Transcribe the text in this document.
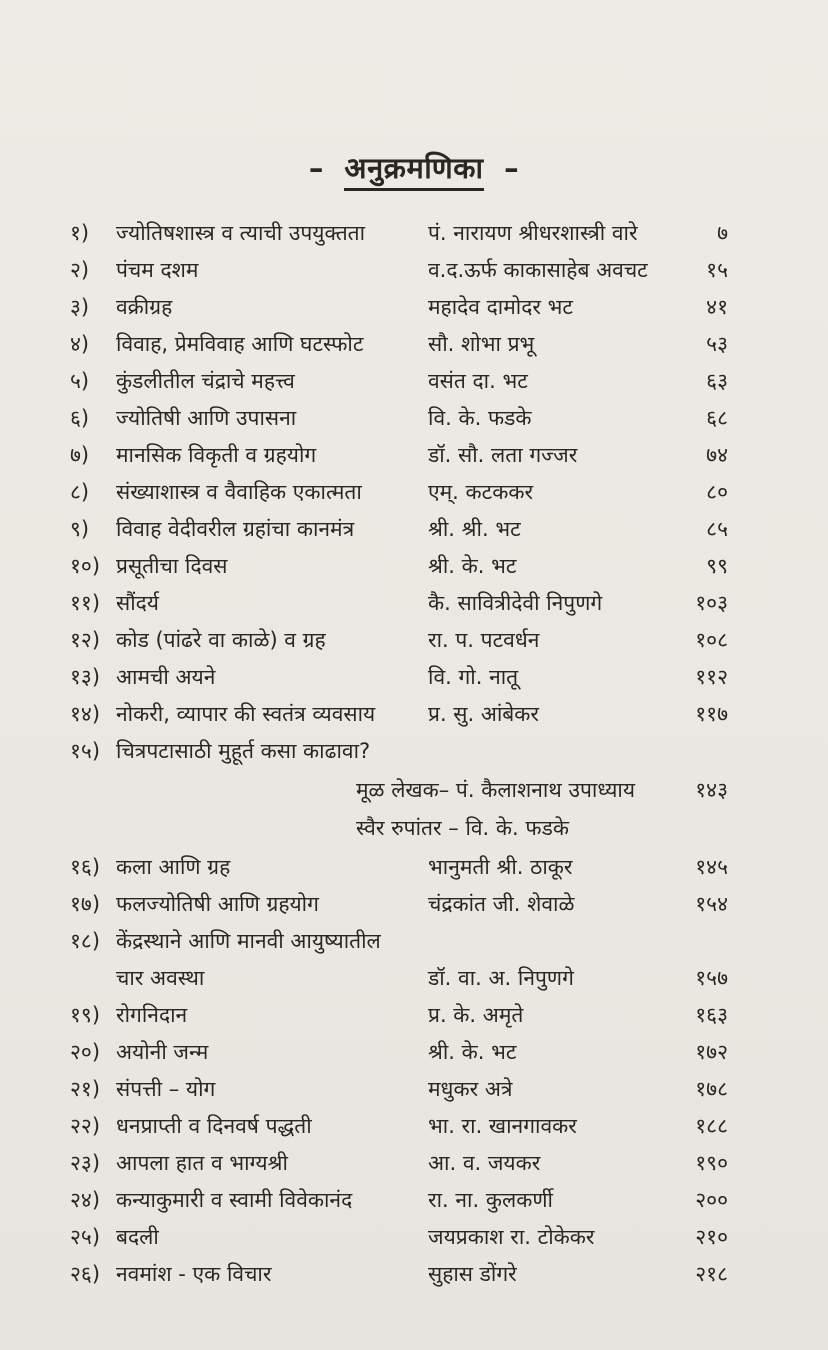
– अनुक्रमणिका –
१)	ज्योतिषशास्त्र व त्याची उपयुक्तता	पं. नारायण श्रीधरशास्त्री वारे	७
२)	पंचम दशम	व.द.ऊर्फ काकासाहेब अवचट	१५
३)	वक्रीग्रह	महादेव दामोदर भट	४१
४)	विवाह, प्रेमविवाह आणि घटस्फोट	सौ. शोभा प्रभू	५३
५)	कुंडलीतील चंद्राचे महत्त्व	वसंत दा. भट	६३
६)	ज्योतिषी आणि उपासना	वि. के. फडके	६८
७)	मानसिक विकृती व ग्रहयोग	डॉ. सौ. लता गज्जर	७४
८)	संख्याशास्त्र व वैवाहिक एकात्मता	एम्. कटककर	८०
९)	विवाह वेदीवरील ग्रहांचा कानमंत्र	श्री. श्री. भट	८५
१०) प्रसूतीचा दिवस	श्री. के. भट	९९
११) सौंदर्य	कै. सावित्रीदेवी निपुणगे	१०३
१२) कोड (पांढरे वा काळे) व ग्रह	रा. प. पटवर्धन	१०८
१३) आमची अयने	वि. गो. नातू	११२
१४) नोकरी, व्यापार की स्वतंत्र व्यवसाय	प्र. सु. आंबेकर	११७
१५) चित्रपटासाठी मुहूर्त कसा काढावा?
मूळ लेखक– पं. कैलाशनाथ उपाध्याय	१४३
स्वैर रुपांतर – वि. के. फडके
१६) कला आणि ग्रह	भानुमती श्री. ठाकूर	१४५
१७) फलज्योतिषी आणि ग्रहयोग	चंद्रकांत जी. शेवाळे	१५४
१८) केंद्रस्थाने आणि मानवी आयुष्यातील
चार अवस्था	डॉ. वा. अ. निपुणगे	१५७
१९) रोगनिदान	प्र. के. अमृते	१६३
२०) अयोनी जन्म	श्री. के. भट	१७२
२१) संपत्ती – योग	मधुकर अत्रे	१७८
२२) धनप्राप्ती व दिनवर्ष पद्धती	भा. रा. खानगावकर	१८८
२३) आपला हात व भाग्यश्री	आ. व. जयकर	१९०
२४) कन्याकुमारी व स्वामी विवेकानंद	रा. ना. कुलकर्णी	२००
२५) बदली	जयप्रकाश रा. टोकेकर	२१०
२६) नवमांश - एक विचार	सुहास डोंगरे	२१८
